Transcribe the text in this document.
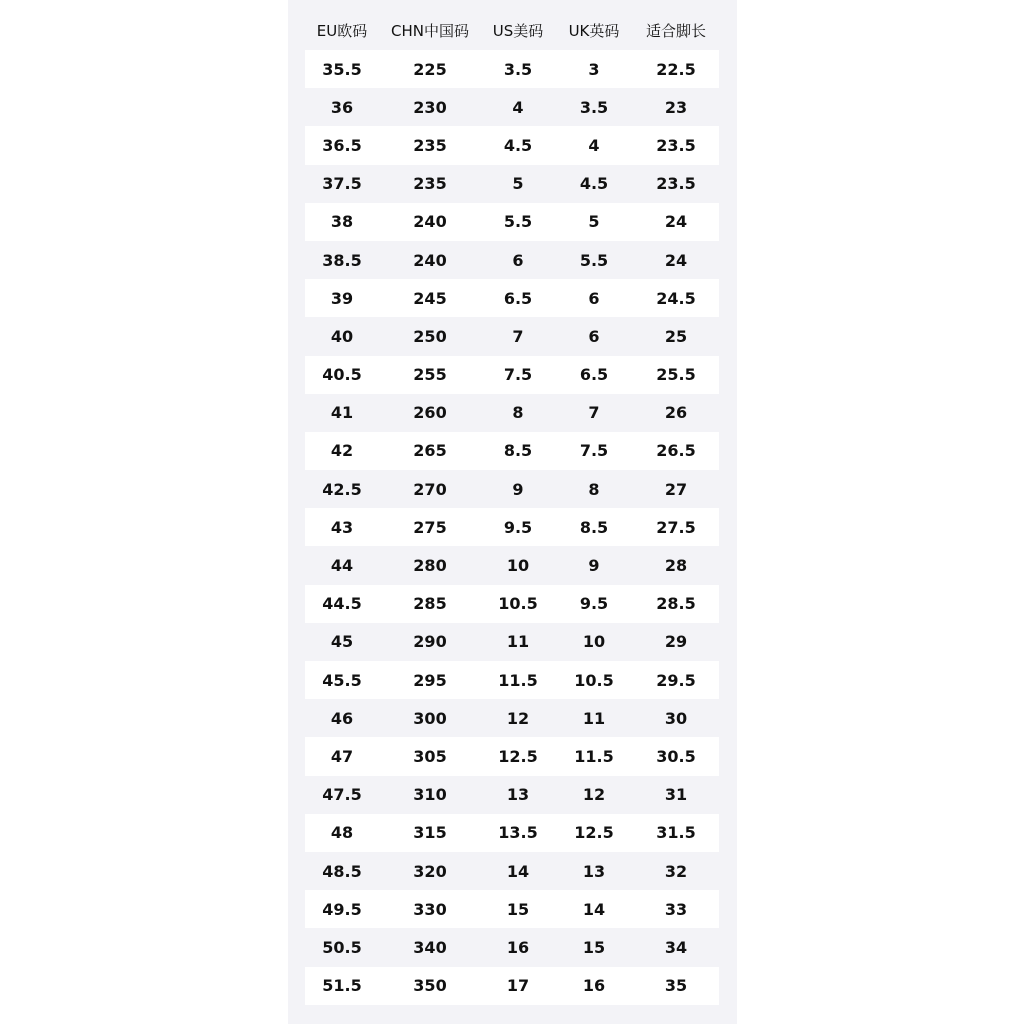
EU欧码	CHN中国码	US美码	UK英码	适合脚长
35.5	225	3.5	3	22.5
36	230	4	3.5	23
36.5	235	4.5	4	23.5
37.5	235	5	4.5	23.5
38	240	5.5	5	24
38.5	240	6	5.5	24
39	245	6.5	6	24.5
40	250	7	6	25
40.5	255	7.5	6.5	25.5
41	260	8	7	26
42	265	8.5	7.5	26.5
42.5	270	9	8	27
43	275	9.5	8.5	27.5
44	280	10	9	28
44.5	285	10.5	9.5	28.5
45	290	11	10	29
45.5	295	11.5	10.5	29.5
46	300	12	11	30
47	305	12.5	11.5	30.5
47.5	310	13	12	31
48	315	13.5	12.5	31.5
48.5	320	14	13	32
49.5	330	15	14	33
50.5	340	16	15	34
51.5	350	17	16	35
